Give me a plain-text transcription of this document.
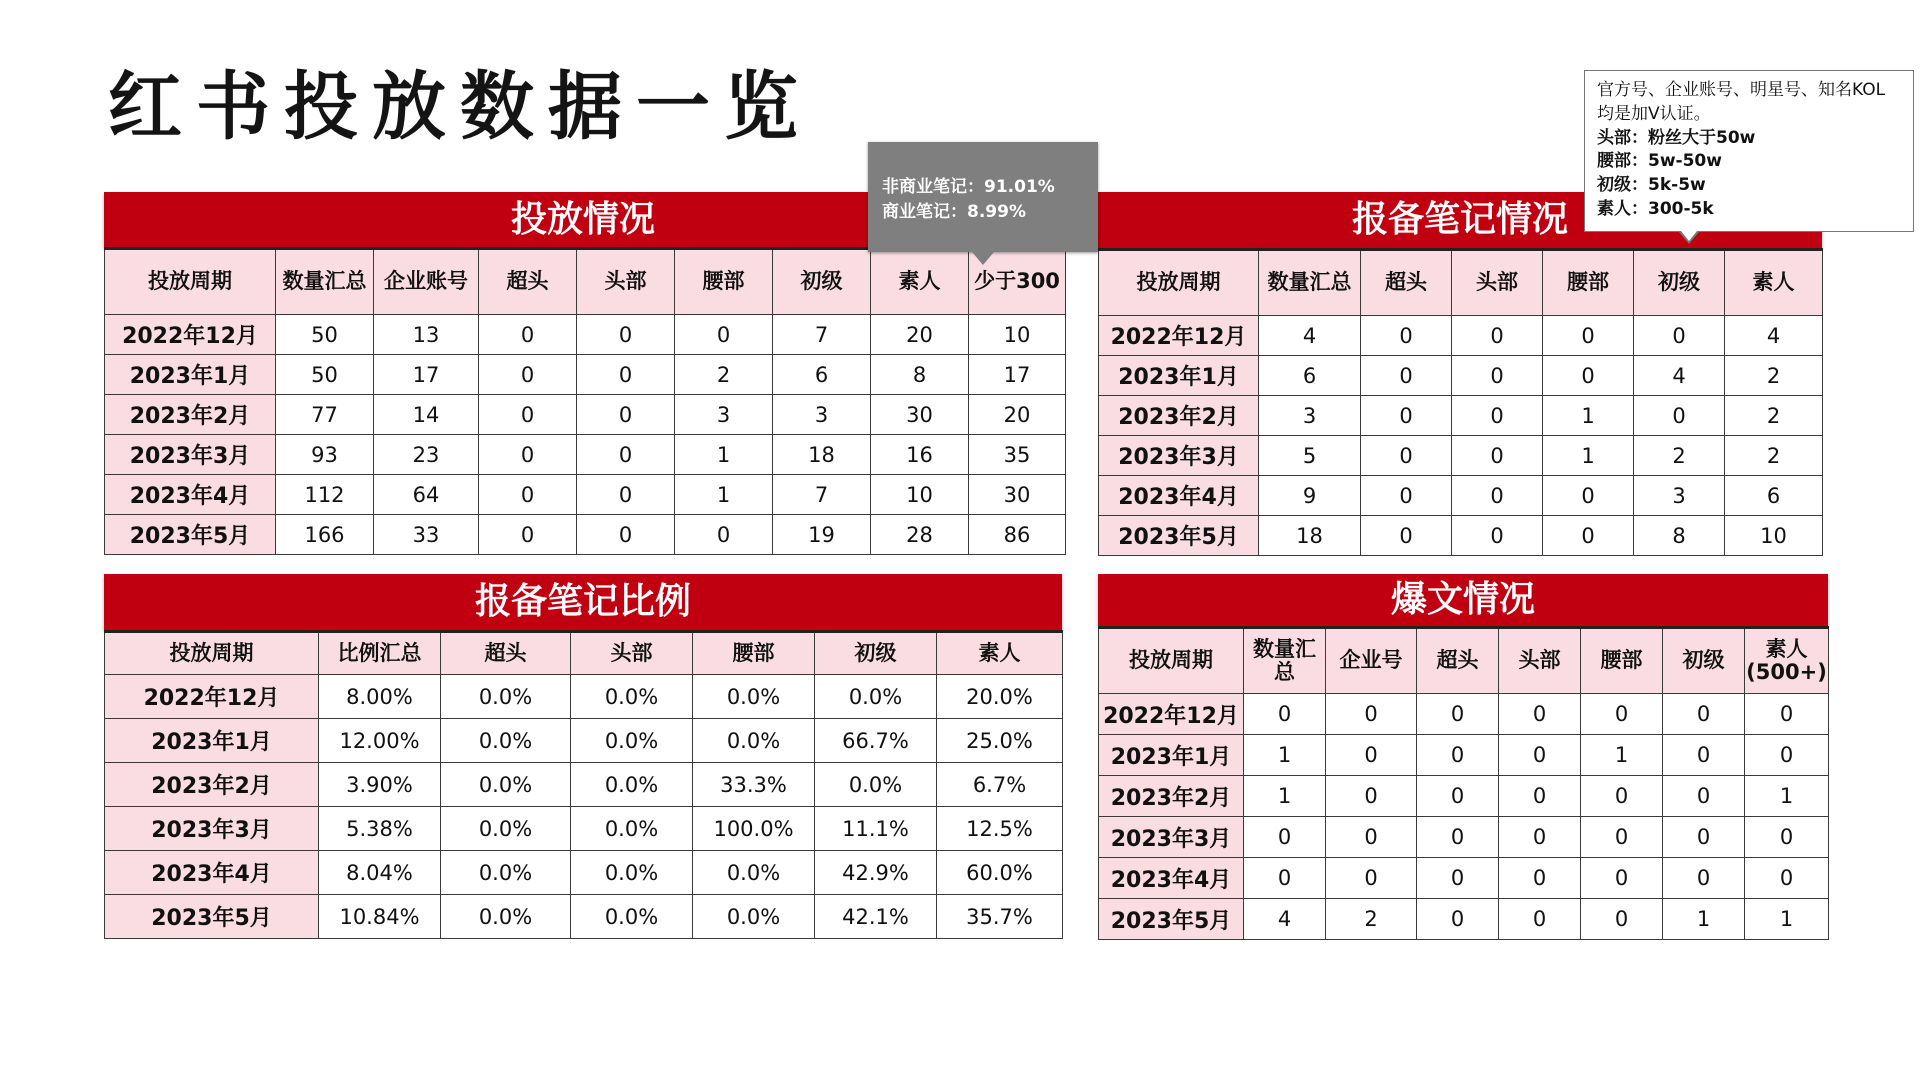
红书投放数据一览
投放情况
投放周期	数量汇总	企业账号	超头	头部	腰部	初级	素人	少于300
2022年12月	50	13	0	0	0	7	20	10
2023年1月	50	17	0	0	2	6	8	17
2023年2月	77	14	0	0	3	3	30	20
2023年3月	93	23	0	0	1	18	16	35
2023年4月	112	64	0	0	1	7	10	30
2023年5月	166	33	0	0	0	19	28	86
报备笔记情况
投放周期	数量汇总	超头	头部	腰部	初级	素人
2022年12月	4	0	0	0	0	4
2023年1月	6	0	0	0	4	2
2023年2月	3	0	0	1	0	2
2023年3月	5	0	0	1	2	2
2023年4月	9	0	0	0	3	6
2023年5月	18	0	0	0	8	10
报备笔记比例
投放周期	比例汇总	超头	头部	腰部	初级	素人
2022年12月	8.00%	0.0%	0.0%	0.0%	0.0%	20.0%
2023年1月	12.00%	0.0%	0.0%	0.0%	66.7%	25.0%
2023年2月	3.90%	0.0%	0.0%	33.3%	0.0%	6.7%
2023年3月	5.38%	0.0%	0.0%	100.0%	11.1%	12.5%
2023年4月	8.04%	0.0%	0.0%	0.0%	42.9%	60.0%
2023年5月	10.84%	0.0%	0.0%	0.0%	42.1%	35.7%
爆文情况
投放周期	数量汇总	企业号	超头	头部	腰部	初级	素人 (500+)
2022年12月	0	0	0	0	0	0	0
2023年1月	1	0	0	0	1	0	0
2023年2月	1	0	0	0	0	0	1
2023年3月	0	0	0	0	0	0	0
2023年4月	0	0	0	0	0	0	0
2023年5月	4	2	0	0	0	1	1
非商业笔记：91.01%
商业笔记：8.99%
官方号、企业账号、明星号、知名KOL均是加V认证。
头部：粉丝大于50w
腰部：5w-50w
初级：5k-5w
素人：300-5k
